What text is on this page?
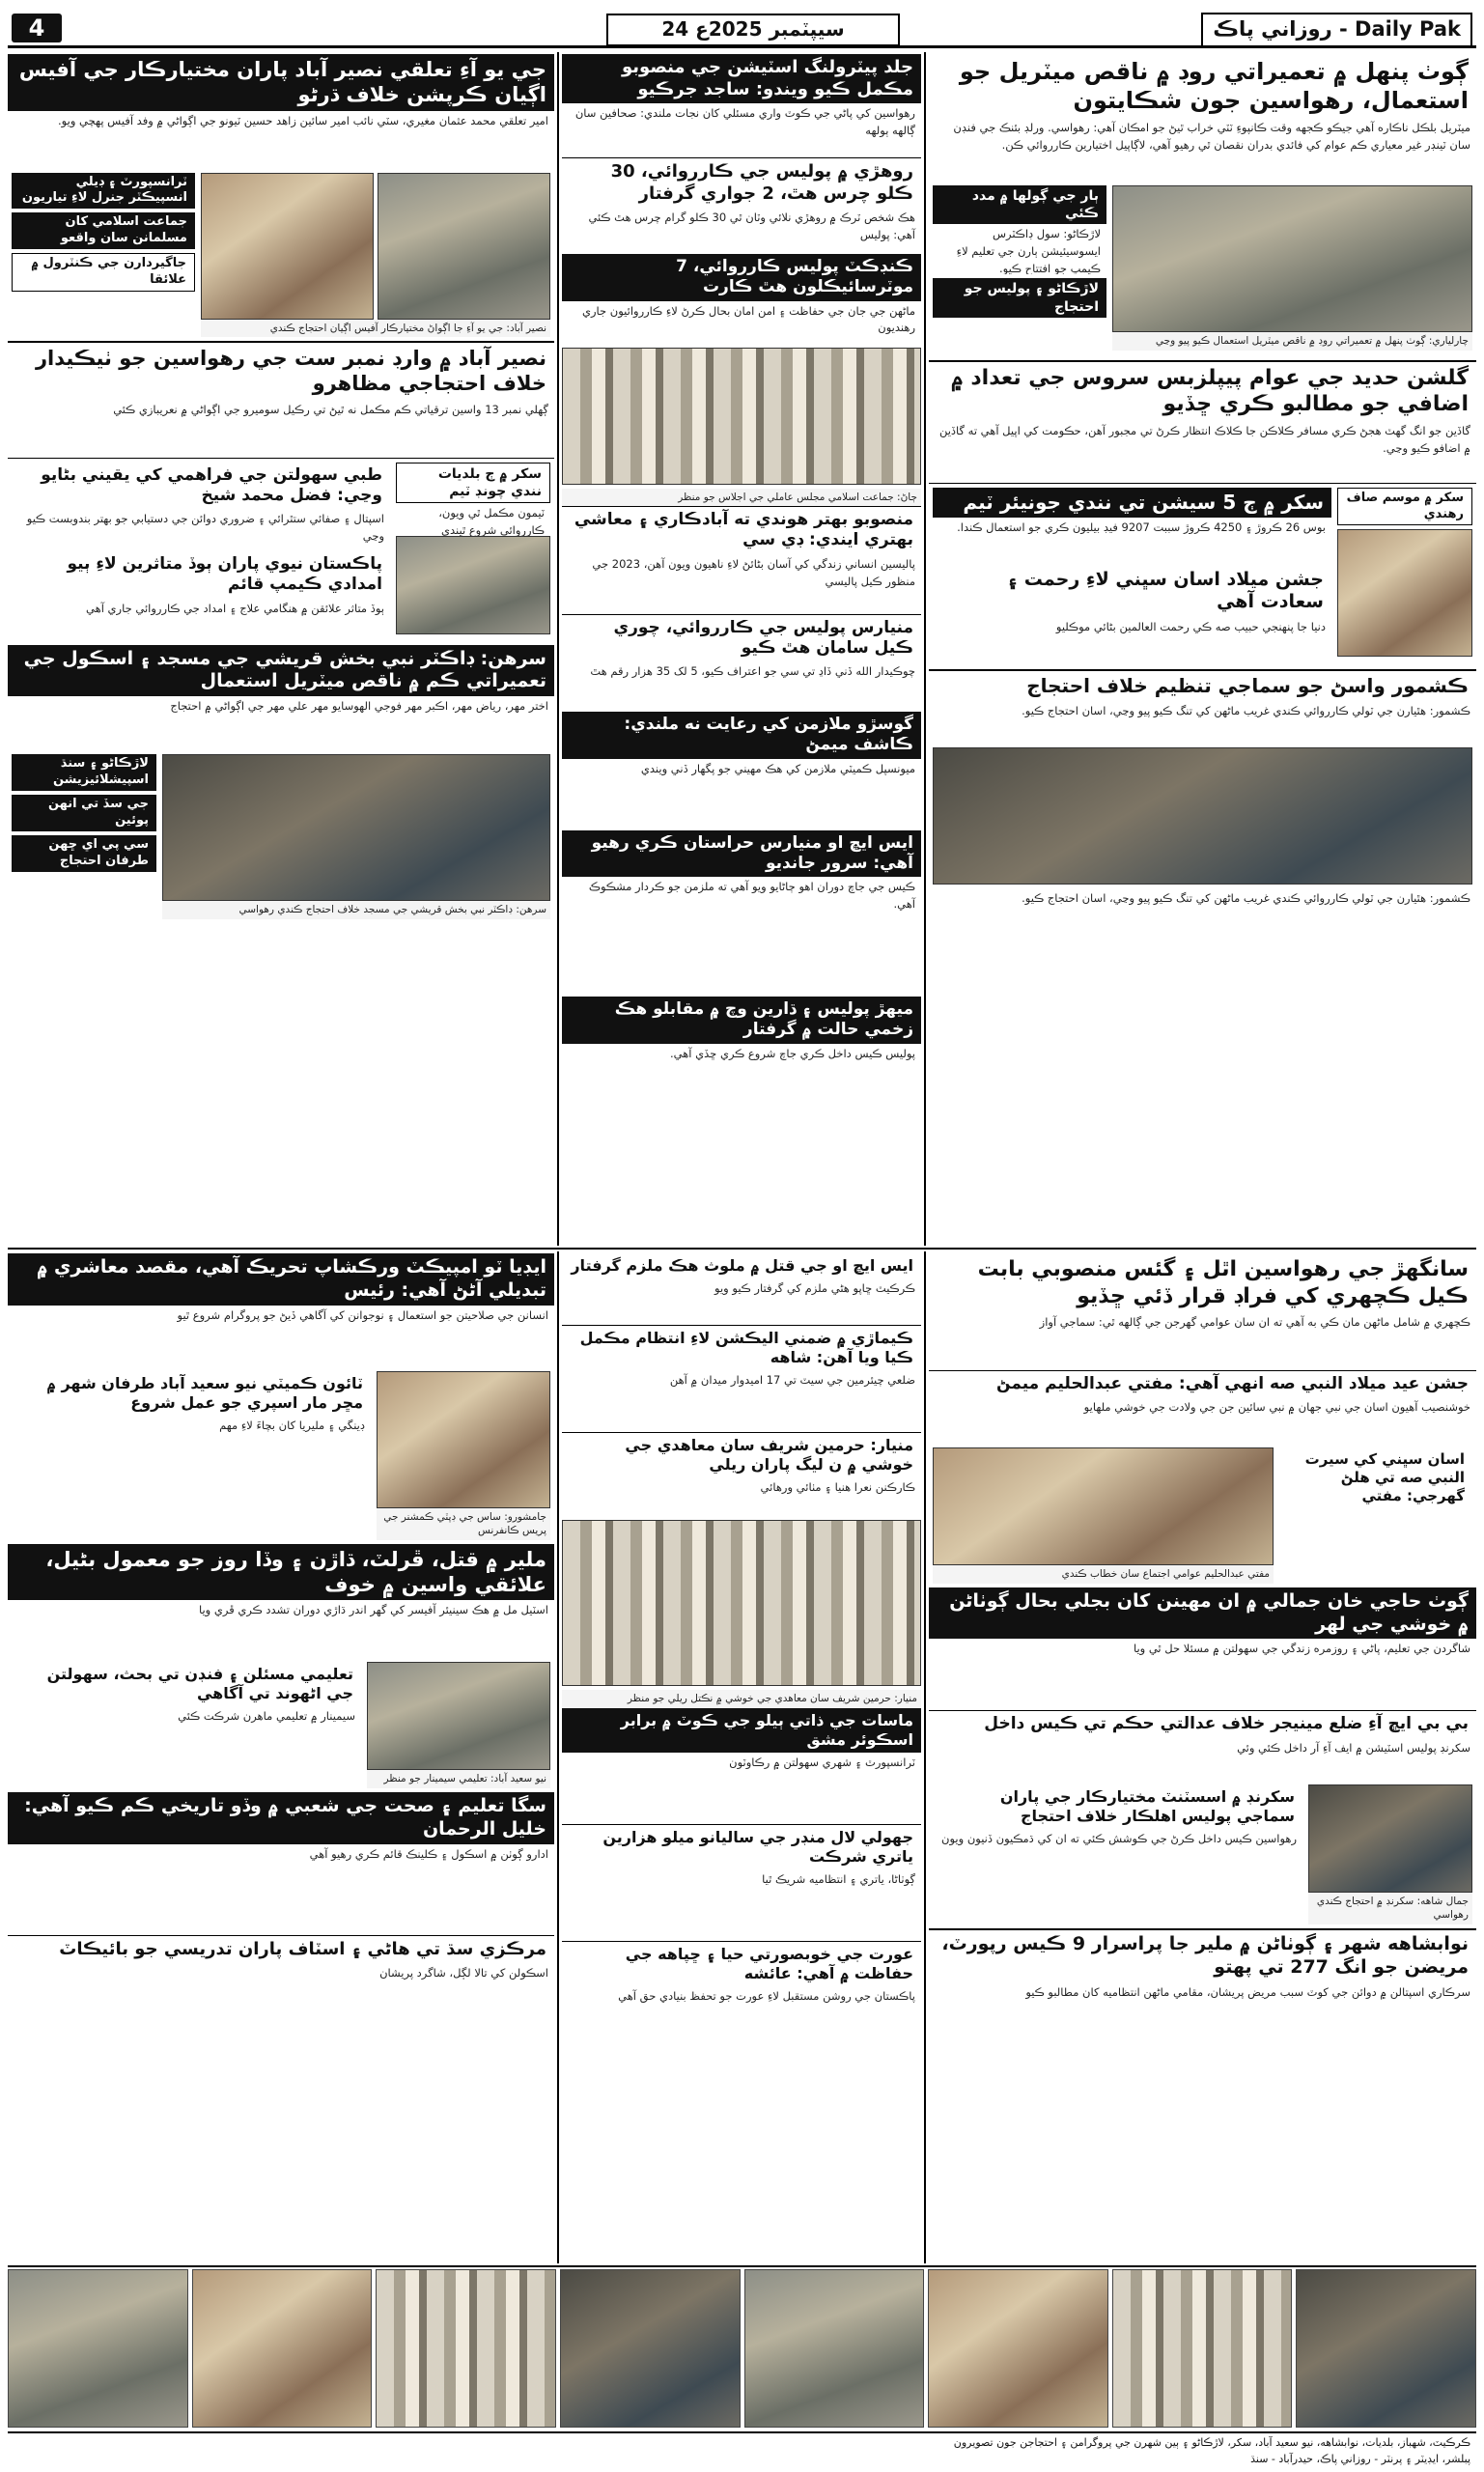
4	24 سيپٽمبر 2025ع	روزاني پاڪ - Daily Pak
ڳوٺ پنهل ۾ تعميراتي روڊ ۾ ناقص ميٽريل جو استعمال، رهواسين جون شڪايتون
ميٽريل بلڪل ناڪاره آهي جيڪو ڪجهه وقت ڪانپوءِ ٽٽي خراب ٿيڻ جو امڪان آهي: رهواسي. ورلڊ بئنڪ جي فنڊن سان ٽينڊر غير معياري ڪم عوام کي فائدي بدران نقصان ٿي رهيو آهي، لاڳاپيل اختيارين ڪارروائي ڪن.
ٻار جي ڳولها ۾ مدد ڪئي
لاڙڪاڻو: سول ڊاڪٽرس ايسوسيئيشن ٻارن جي تعليم لاءِ ڪيمپ جو افتتاح ڪيو.
لاڙڪاڻو ۽ پوليس جو احتجاج
چارلياري: ڳوٺ پنهل ۾ تعميراتي روڊ ۾ ناقص ميٽريل استعمال ڪيو پيو وڃي
گلشن حديد جي عوام پيپلزبس سروس جي تعداد ۾ اضافي جو مطالبو ڪري ڇڏيو
گاڏين جو انگ گهٽ هجڻ ڪري مسافر ڪلاڪن جا ڪلاڪ انتظار ڪرڻ تي مجبور آهن، حڪومت کي اپيل آهي ته گاڏين ۾ اضافو ڪيو وڃي.
سکر ۾ ڄ 5 سيشن تي نندي جونيئر ٽيم
بوس 26 ڪروڙ ۽ 4250 ڪروڙ سببت 9207 فيڊ بيليون ڪري جو استعمال ڪندا.
جشن ميلاد اسان سڀني لاءِ رحمت ۽ سعادت آهي
دنيا جا پنهنجي حبيب صه ڪي رحمت العالمين بڻائي موڪليو
سکر ۾ موسم صاف رهندي
ڪشمور واسڻ جو سماجي تنظيم خلاف احتجاج
ڪشمور: هٿيارن جي ٽولي ڪارروائي ڪندي غريب ماڻهن کي تنگ ڪيو پيو وڃي، اسان احتجاج ڪيو.
ڪشمور: هٿيارن جي ٽولي ڪارروائي ڪندي غريب ماڻهن کي تنگ ڪيو پيو وڃي، اسان احتجاج ڪيو.
جلد پيٽرولنگ اسٽيشن جي منصوبو مڪمل ڪيو ويندو: ساجد جرڪيو
رهواسين کي پاڻي جي ڪوٽ واري مسئلي کان نجات ملندي: صحافين سان ڳالهه ٻولهه
روهڙي ۾ پوليس جي ڪارروائي، 30 ڪلو چرس هٿ، 2 جواري گرفتار
هڪ شخص ٽرڪ ۾ روهڙي نلائي وٽان ٿي 30 ڪلو گرام چرس هٿ ڪئي آهي: پوليس
ڪنڊڪٽ پوليس ڪارروائي، 7 موٽرسائيڪلون هٿ ڪارت
ماڻهن جي جان جي حفاظت ۽ امن امان بحال ڪرڻ لاءِ ڪارروائيون جاري رهنديون
ڄاڻ: جماعت اسلامي مجلس عاملي جي اجلاس جو منظر
منصوبو بهتر هوندي ته آبادڪاري ۽ معاشي بهتري ايندي: ڊي سي
پاليسين انساني زندگي کي آسان بڻائڻ لاءِ ناهيون ويون آهن، 2023 جي منظور ڪيل پاليسي
منيارس پوليس جي ڪارروائي، چوري ڪيل سامان هٿ ڪيو
چوڪيدار الله ڏني ڏاڍ تي سي جو اعتراف ڪيو، 5 لک 35 هزار رقم هٿ
گوسڙو ملازمن کي رعايت نه ملندي: ڪاشف ميمڻ
ميونسپل ڪميٽي ملازمن کي هڪ مهيني جو پگهار ڏني ويندي
ايس ايڇ او منيارس حراستان ڪري رهيو آهي: سرور جانديو
ڪيس جي جاچ دوران اهو ڄاڻايو ويو آهي ته ملزمن جو ڪردار مشڪوڪ آهي.
ميهڙ پوليس ۽ ڌارين وچ ۾ مقابلو هڪ زخمي حالت ۾ گرفتار
پوليس ڪيس داخل ڪري جاچ شروع ڪري ڇڏي آهي.
جي يو آءِ تعلقي نصير آباد پاران مختيارڪار جي آفيس اڳيان ڪرپشن خلاف ڌرڻو
امير تعلقي محمد عثمان مغيري، سٽي نائب امير سائين زاهد حسين ٽيونو جي اڳواڻي ۾ وفد آفيس پهچي ويو.
ٽرانسپورٽ ۽ ڊيلي انسپيڪٽر جنرل لاءِ تياريون
جماعت اسلامي کان مسلمانن سان واقعو
جاگيردارن جي ڪنٽرول ۾ علائقا
نصير آباد: جي يو آءِ جا اڳواڻ مختيارڪار آفيس اڳيان احتجاج ڪندي
نصير آباد ۾ وارڊ نمبر ست جي رهواسين جو ٺيڪيدار خلاف احتجاجي مظاهرو
ڳهلي نمبر 13 واسين ترقياتي ڪم مڪمل نه ٿيڻ تي رڪيل سوميرو جي اڳواڻي ۾ نعريبازي ڪئي
طبي سهولتن جي فراهمي کي يقيني بڻايو وڃي: فضل محمد شيخ
اسپتال ۽ صفائي ستٿرائي ۽ ضروري دوائن جي دستيابي جو بهتر بندوبست ڪيو وڃي
پاڪستان نيوي پاران ٻوڏ متاثرين لاءِ ٻيو امدادي ڪيمپ قائم
ٻوڏ متاثر علائقن ۾ هنگامي علاج ۽ امداد جي ڪارروائي جاري آهي
سکر ۾ ڄ بلديات نندي چونڊ ٽيم
ٽيمون مڪمل ٿي ويون، ڪارروائي شروع ٿيندي
سرهن: ڊاڪٽر نبي بخش قريشي جي مسجد ۽ اسڪول جي تعميراتي ڪم ۾ ناقص ميٽريل استعمال
اختر مهر، رياض مهر، اڪبر مهر فوجي الهوسايو مهر علي مهر جي اڳواڻي ۾ احتجاج
لاڙڪاڻو ۽ سنڌ اسپيشلائيزيشن
جي سڏ تي انهن پوئين
سي پي اي ڇهن طرفان احتجاج
سرهن: ڊاڪٽر نبي بخش قريشي جي مسجد خلاف احتجاج ڪندي رهواسي
سانگهڙ جي رهواسين اٿل ۽ گئس منصوبي بابت ڪيل ڪچهري کي فراڊ قرار ڏئي ڇڏيو
ڪچهري ۾ شامل ماڻهن مان ڪي به آهي ته ان سان عوامي گهرجن جي ڳالهه ٿي: سماجي آواز
جشن عيد ميلاد النبي صه انهي آهي: مفتي عبدالحليم ميمڻ
خوشنصيب آهيون اسان جي نبي جهان ۾ نبي سائين جن جي ولادت جي خوشي ملهايو
مفتي عبدالحليم عوامي اجتماع سان خطاب ڪندي
اسان سڀني کي سيرت النبي صه تي هلڻ گهرجي: مفتي
ڳوٺ حاجي خان جمالي ۾ ان مهينن کان بجلي بحال ڳوٺاڻن ۾ خوشي جي لهر
شاگردن جي تعليم، پاڻي ۽ روزمره زندگي جي سهولتن ۾ مسئلا حل ٿي ويا
بي بي ايڇ آءِ ضلع مينيجر خلاف عدالتي حڪم تي ڪيس داخل
سکرنڊ پوليس اسٽيشن ۾ ايف آءِ آر داخل ڪئي وئي
سکرنڊ ۾ اسسٽنٽ مختيارڪار جي پاران سماجي پوليس اهلڪار خلاف احتجاج
رهواسين ڪيس داخل ڪرڻ جي ڪوشش ڪئي ته ان کي ڌمڪيون ڏنيون ويون
جمال شاهه: سکرنڊ ۾ احتجاج ڪندي رهواسي
نوابشاهه شهر ۽ ڳوٺاڻن ۾ ملير جا پراسرار 9 ڪيس رپورٽ، مريضن جو انگ 277 تي پهتو
سرڪاري اسپتالن ۾ دوائن جي کوٽ سبب مريض پريشان، مقامي ماڻهن انتظاميه کان مطالبو ڪيو
ايس ايڇ او جي قتل ۾ ملوث هڪ ملزم گرفتار
ڪرڪيٽ ڇاپو هڻي ملزم کي گرفتار ڪيو ويو
ڪيماڙي ۾ ضمني اليڪشن لاءِ انتظام مڪمل ڪيا ويا آهن: شاهه
ضلعي چيئرمين جي سيٽ تي 17 اميدوار ميدان ۾ آهن
منيار: حرمين شريف سان معاهدي جي خوشي ۾ ن ليگ پاران ريلي
ڪارڪنن نعرا هنيا ۽ مٺائي ورهائي
منيار: حرمين شريف سان معاهدي جي خوشي ۾ نڪتل ريلي جو منظر
ماسات جي ذاتي ٻيلو جي ڪوٽ ۾ برابر اسڪوئر مشق
ٽرانسپورٽ ۽ شهري سهولتن ۾ رڪاوٽون
جهولي لال منڊر جي ساليانو ميلو هزارين ياتري شرڪت
ڳوٺاڻا، ياتري ۽ انتظاميه شريڪ ٿيا
عورت جي خوبصورتي حيا ۽ ڇپاهه جي حفاظت ۾ آهي: عائشه
پاڪستان جي روشن مستقبل لاءِ عورت جو تحفظ بنيادي حق آهي
ايڊيا ٽو امپيڪٽ ورڪشاپ تحريڪ آهي، مقصد معاشري ۾ تبديلي آڻڻ آهي: رئيس
انسانن جي صلاحيتن جو استعمال ۽ نوجوانن کي آگاهي ڏيڻ جو پروگرام شروع ٿيو
ٽائون ڪميٽي نيو سعيد آباد طرفان شهر ۾ مڇر مار اسپري جو عمل شروع
ڊينگي ۽ مليريا کان بچاءَ لاءِ مهم
جامشورو: ساس جي ڊپٽي ڪمشنر جي پريس ڪانفرنس
ملير ۾ قتل، ڦرلٽ، ڌاڙن ۽ وڏا روز جو معمول بڻيل، علائقي واسين ۾ خوف
اسٽيل مل ۾ هڪ سينيئر آفيسر کي گهر اندر ڌاڙي دوران تشدد ڪري ڦري ويا
تعليمي مسئلن ۽ فنڊن تي بحث، سهولتن جي اڻهوند تي آگاهي
سيمينار ۾ تعليمي ماهرن شرڪت ڪئي
نيو سعيد آباد: تعليمي سيمينار جو منظر
سگا تعليم ۽ صحت جي شعبي ۾ وڏو تاريخي ڪم ڪيو آهي: خليل الرحمان
ادارو ڳوٺن ۾ اسڪول ۽ ڪلينڪ قائم ڪري رهيو آهي
مرڪزي سڌ تي هاڻي ۽ اسٽاف پاران تدريسي جو بائيڪاٽ
اسڪولن کي تالا لڳل، شاگرد پريشان
ڪرڪيٽ، شهباز، بلديات، نوابشاهه، نيو سعيد آباد، سکر، لاڙڪاڻو ۽ ٻين شهرن جي پروگرامن ۽ احتجاجن جون تصويرون
پبلشر، ايڊيٽر ۽ پرنٽر - روزاني پاڪ، حيدرآباد - سنڌ
